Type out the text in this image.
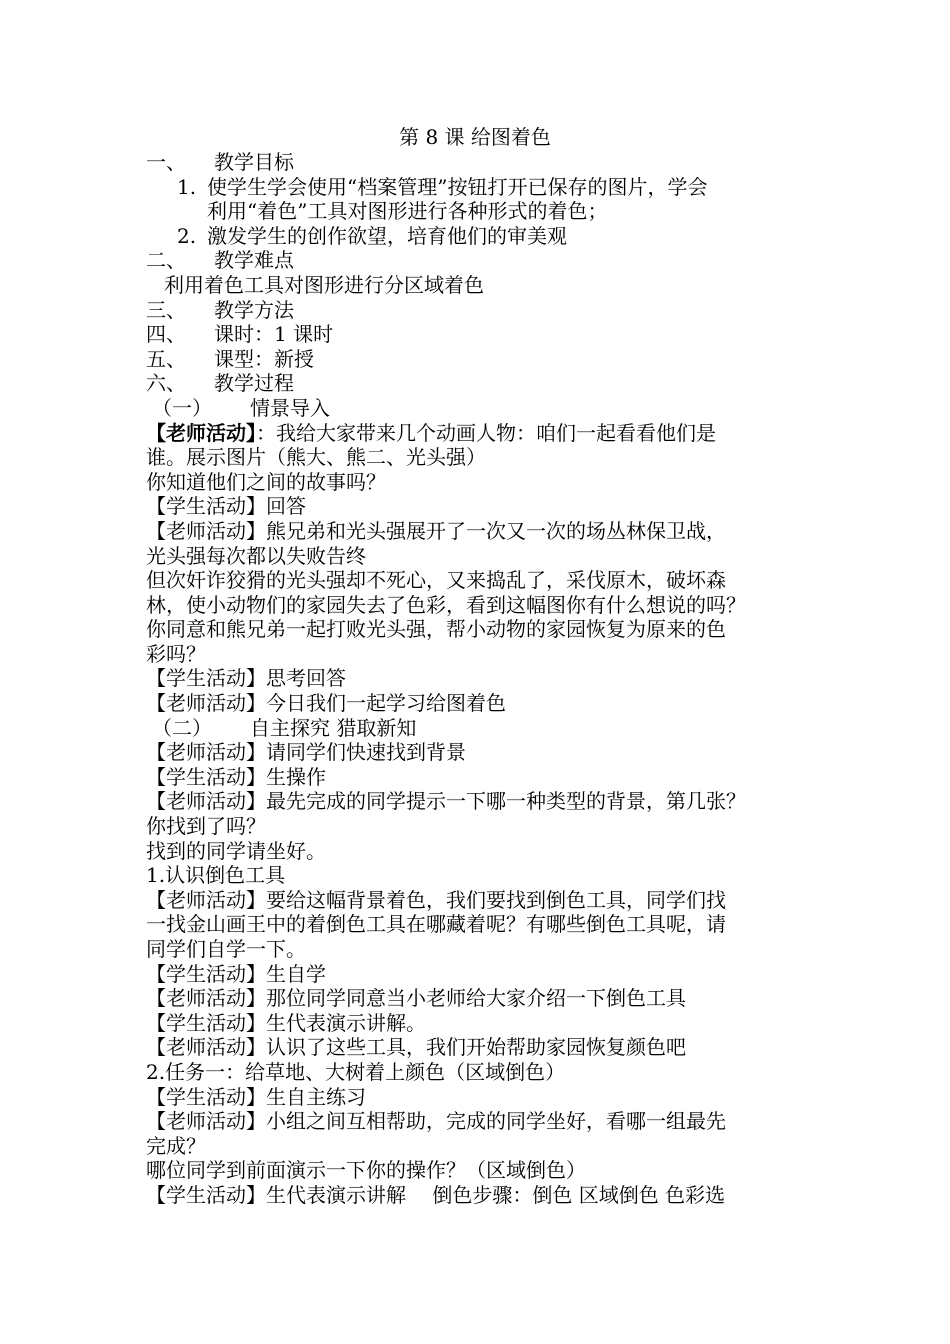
第 8 课 给图着色
一、	教学目标
1. 使学生学会使用“档案管理”按钮打开已保存的图片，学会
利用“着色”工具对图形进行各种形式的着色；
2. 激发学生的创作欲望，培育他们的审美观
二、	教学难点
利用着色工具对图形进行分区域着色
三、	教学方法
四、	课时：1 课时
五、	课型：新授
六、	教学过程
（一）	情景导入
【老师活动】：我给大家带来几个动画人物：咱们一起看看他们是
谁。展示图片（熊大、熊二、光头强）
你知道他们之间的故事吗？
【学生活动】回答
【老师活动】熊兄弟和光头强展开了一次又一次的场丛林保卫战，
光头强每次都以失败告终
但次奸诈狡猾的光头强却不死心，又来捣乱了，采伐原木，破坏森
林，使小动物们的家园失去了色彩，看到这幅图你有什么想说的吗？
你同意和熊兄弟一起打败光头强，帮小动物的家园恢复为原来的色
彩吗？
【学生活动】思考回答
【老师活动】今日我们一起学习给图着色
（二）	自主探究 猎取新知
【老师活动】请同学们快速找到背景
【学生活动】生操作
【老师活动】最先完成的同学提示一下哪一种类型的背景，第几张？
你找到了吗？
找到的同学请坐好。
1.认识倒色工具
【老师活动】要给这幅背景着色，我们要找到倒色工具，同学们找
一找金山画王中的着倒色工具在哪藏着呢？有哪些倒色工具呢，请
同学们自学一下。
【学生活动】生自学
【老师活动】那位同学同意当小老师给大家介绍一下倒色工具
【学生活动】生代表演示讲解。
【老师活动】认识了这些工具，我们开始帮助家园恢复颜色吧
2.任务一：给草地、大树着上颜色（区域倒色）
【学生活动】生自主练习
【老师活动】小组之间互相帮助，完成的同学坐好，看哪一组最先
完成？
哪位同学到前面演示一下你的操作？（区域倒色）
【学生活动】生代表演示讲解　 倒色步骤：倒色 区域倒色 色彩选
